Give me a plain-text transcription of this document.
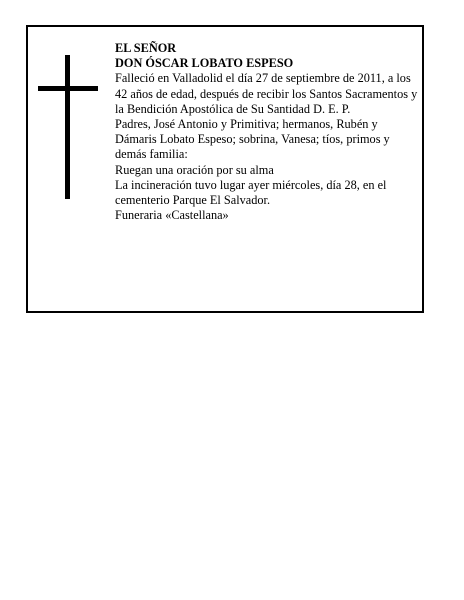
EL SEÑOR

DON ÓSCAR LOBATO ESPESO

Falleció en Valladolid el día 27 de septiembre de 2011, a los 42 años de edad, después de recibir los Santos Sacramentos y la Bendición Apostólica de Su Santidad D. E. P.

Padres, José Antonio y Primitiva; hermanos, Rubén y Dámaris Lobato Espeso; sobrina, Vanesa; tíos, primos y demás familia:

Ruegan una oración por su alma

La incineración tuvo lugar ayer miércoles, día 28, en el cementerio Parque El Salvador.

Funeraria «Castellana»
